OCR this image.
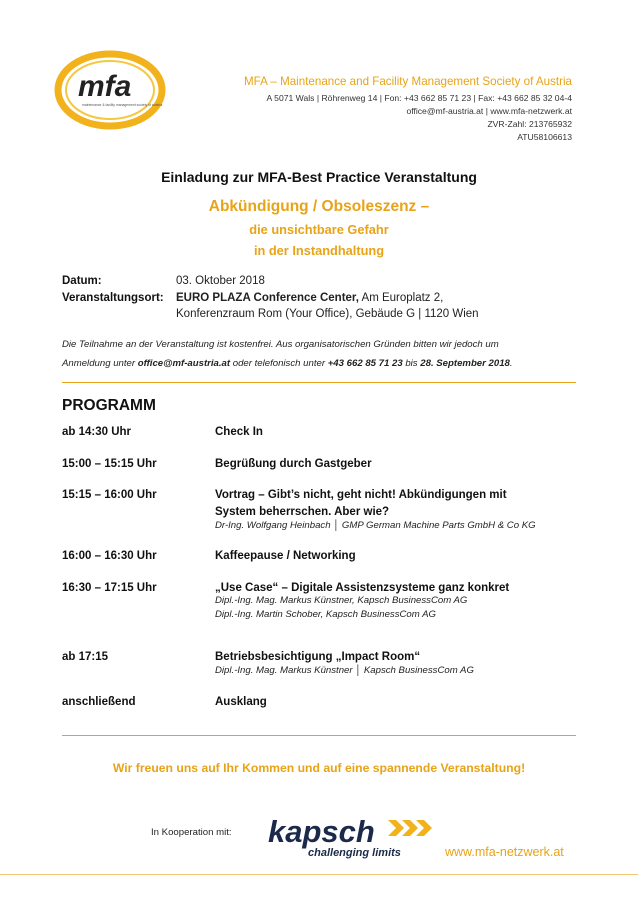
mfa
maintenance & facility management society of austria
MFA – Maintenance and Facility Management Society of Austria
A 5071 Wals | Röhrenweg 14 | Fon: +43 662 85 71 23 | Fax: +43 662 85 32 04-4
office@mf-austria.at | www.mfa-netzwerk.at
ZVR-Zahl: 213765932
ATU58106613
Einladung zur MFA-Best Practice Veranstaltung
Abkündigung / Obsoleszenz –
die unsichtbare Gefahr
in der Instandhaltung
Datum:	03. Oktober 2018
Veranstaltungsort: EURO PLAZA Conference Center, Am Europlatz 2,
Konferenzraum Rom (Your Office), Gebäude G | 1120 Wien
Die Teilnahme an der Veranstaltung ist kostenfrei. Aus organisatorischen Gründen bitten wir jedoch um
Anmeldung unter office@mf-austria.at oder telefonisch unter +43 662 85 71 23 bis 28. September 2018.
PROGRAMM
ab 14:30 Uhr	Check In
15:00 – 15:15 Uhr	Begrüßung durch Gastgeber
15:15 – 16:00 Uhr	Vortrag – Gibt’s nicht, geht nicht! Abkündigungen mit
System beherrschen. Aber wie?
Dr-Ing. Wolfgang Heinbach │ GMP German Machine Parts GmbH & Co KG
16:00 – 16:30 Uhr	Kaffeepause / Networking
16:30 – 17:15 Uhr	„Use Case“ – Digitale Assistenzsysteme ganz konkret
Dipl.-Ing. Mag. Markus Künstner, Kapsch BusinessCom AG
Dipl.-Ing. Martin Schober, Kapsch BusinessCom AG
ab 17:15	Betriebsbesichtigung „Impact Room“
Dipl.-Ing. Mag. Markus Künstner │ Kapsch BusinessCom AG
anschließend	Ausklang
Wir freuen uns auf Ihr Kommen und auf eine spannende Veranstaltung!
In Kooperation mit: kapsch
challenging limits	www.mfa-netzwerk.at
